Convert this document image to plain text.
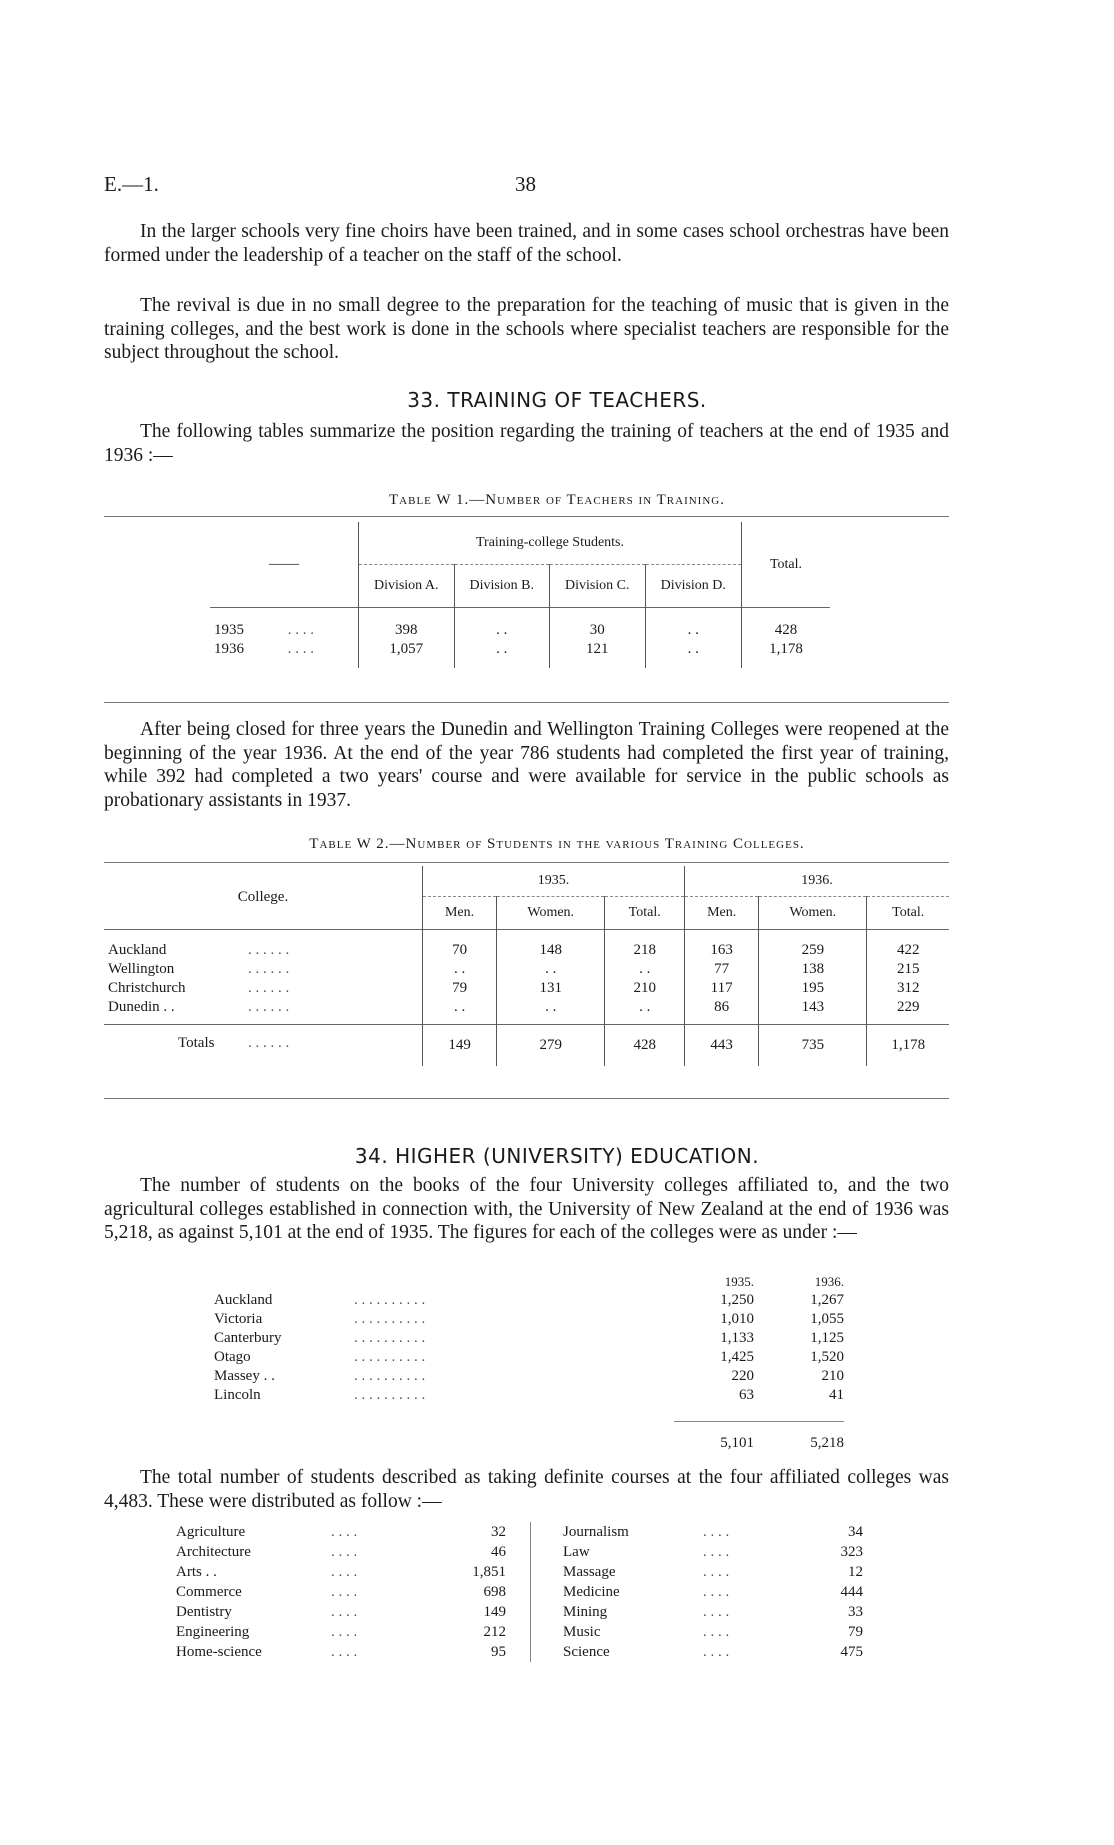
E.—1.	38

In the larger schools very fine choirs have been trained, and in some cases school orchestras have been formed under the leadership of a teacher on the staff of the school.

The revival is due in no small degree to the preparation for the teaching of music that is given in the training colleges, and the best work is done in the schools where specialist teachers are responsible for the subject throughout the school.

33. TRAINING OF TEACHERS.

The following tables summarize the position regarding the training of teachers at the end of 1935 and 1936 :—

Table W 1.—Number of Teachers in Training.
——	Training-college Students.				Total.
	Division A.	Division B.	Division C.	Division D.	
1935 . . . .	398	. .	30	. .	428
1936 . . . .	1,057	. .	121	. .	1,178

After being closed for three years the Dunedin and Wellington Training Colleges were reopened at the beginning of the year 1936. At the end of the year 786 students had completed the first year of training, while 392 had completed a two years' course and were available for service in the public schools as probationary assistants in 1937.

Table W 2.—Number of Students in the various Training Colleges.
College.	1935.			1936.		
	Men.	Women.	Total.	Men.	Women.	Total.
Auckland . . . . . .	70	148	218	163	259	422
Wellington . . . . . .	. .	. .	. .	77	138	215
Christchurch . . . . . .	79	131	210	117	195	312
Dunedin . . . . . . . .	. .	. .	. .	86	143	229
Totals . . . . . .	149	279	428	443	735	1,178
34. HIGHER (UNIVERSITY) EDUCATION.

The number of students on the books of the four University colleges affiliated to, and the two agricultural colleges established in connection with, the University of New Zealand at the end of 1936 was 5,218, as against 5,101 at the end of 1935. The figures for each of the colleges were as under :—

1935.	1936.
Auckland	. . . . . . . . . .	1,250	1,267
Victoria	. . . . . . . . . .	1,010	1,055
Canterbury	. . . . . . . . . .	1,133	1,125
Otago	. . . . . . . . . .	1,425	1,520
Massey . .	. . . . . . . . . .	220	210
Lincoln	. . . . . . . . . .	63	41
5,101	5,218

The total number of students described as taking definite courses at the four affiliated colleges was 4,483. These were distributed as follow :—

Agriculture	. . . .	32
Architecture	. . . .	46
Arts . .	. . . .	1,851
Commerce	. . . .	698
Dentistry	. . . .	149
Engineering	. . . .	212
Home-science	. . . .	95
Journalism	. . . .	34
Law	. . . .	323
Massage	. . . .	12
Medicine	. . . .	444
Mining	. . . .	33
Music	. . . .	79
Science	. . . .	475
